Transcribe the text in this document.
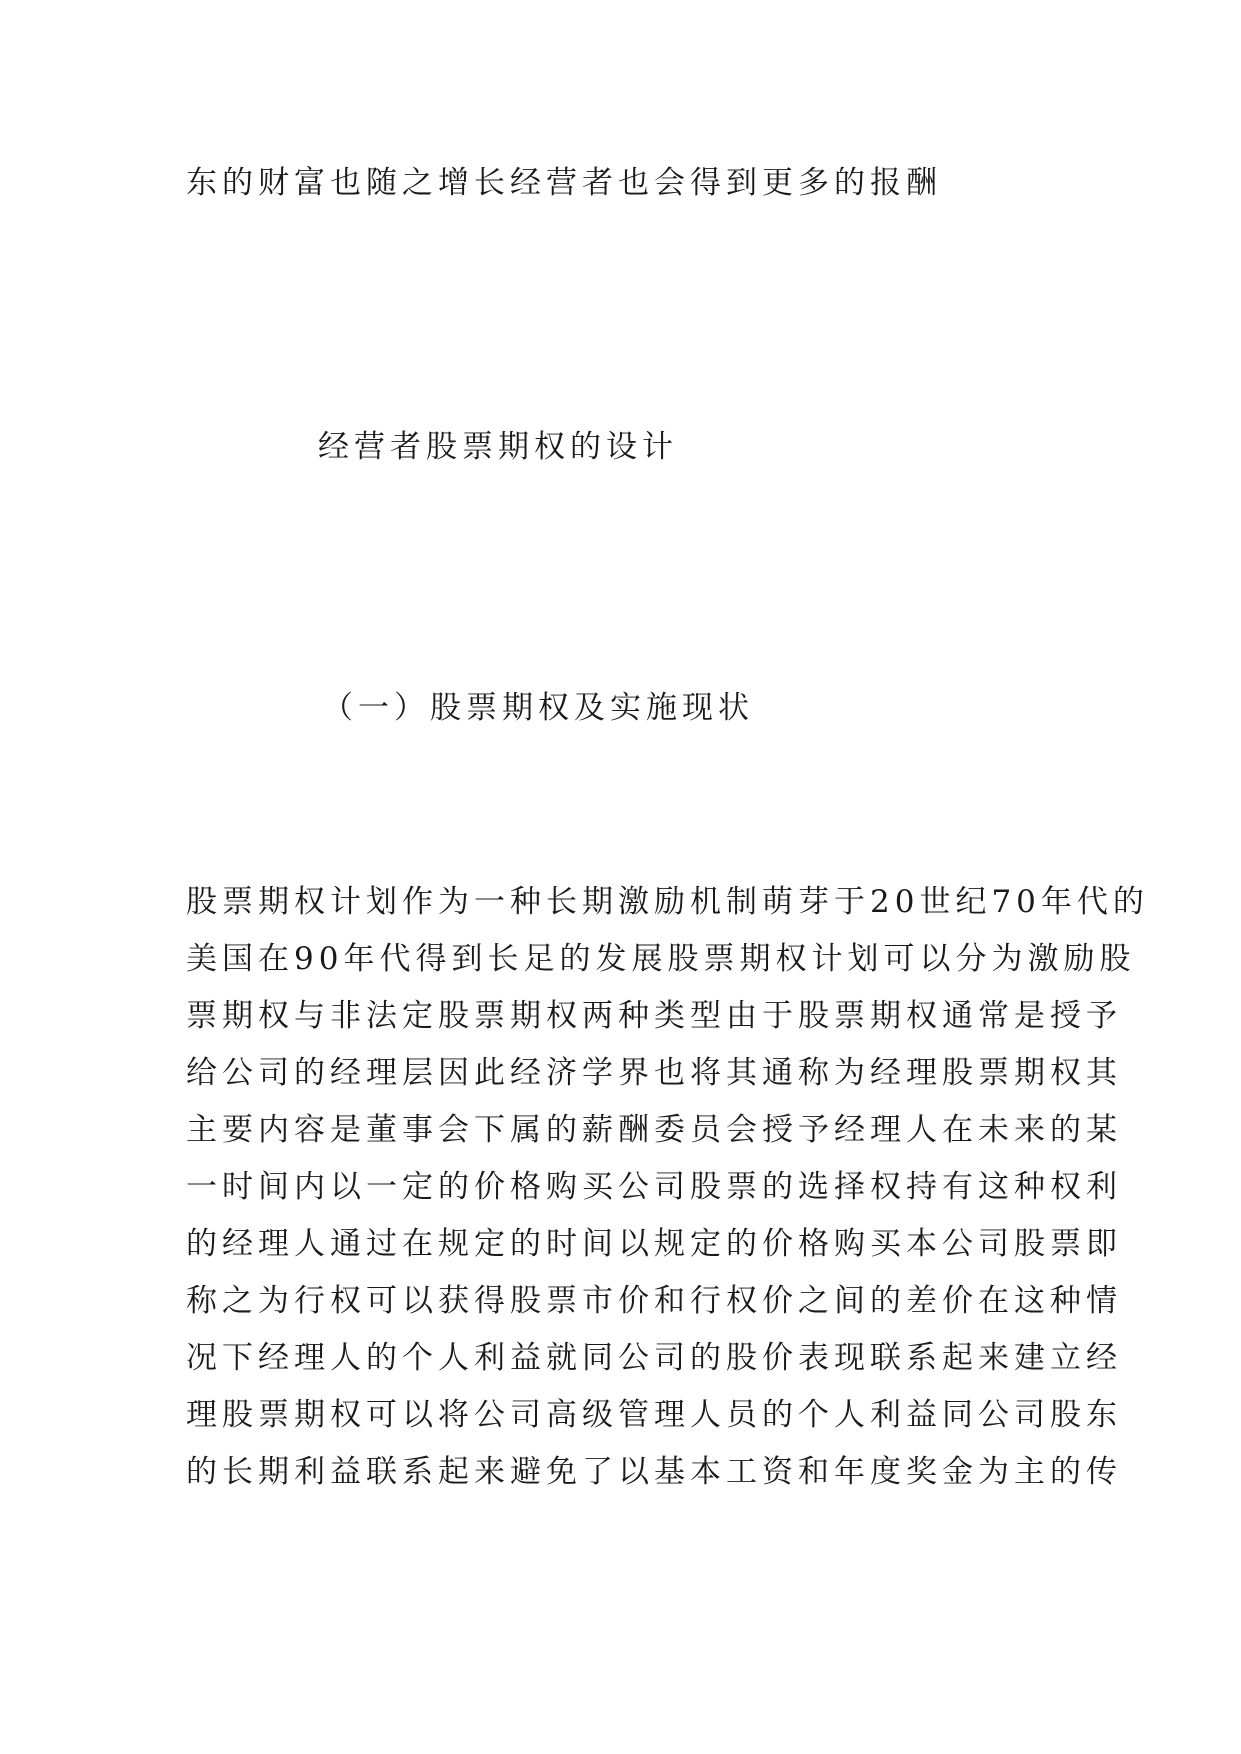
东的财富也随之增长经营者也会得到更多的报酬
经营者股票期权的设计
（一）股票期权及实施现状
股票期权计划作为一种长期激励机制萌芽于20世纪70年代的
美国在90年代得到长足的发展股票期权计划可以分为激励股
票期权与非法定股票期权两种类型由于股票期权通常是授予
给公司的经理层因此经济学界也将其通称为经理股票期权其
主要内容是董事会下属的薪酬委员会授予经理人在未来的某
一时间内以一定的价格购买公司股票的选择权持有这种权利
的经理人通过在规定的时间以规定的价格购买本公司股票即
称之为行权可以获得股票市价和行权价之间的差价在这种情
况下经理人的个人利益就同公司的股价表现联系起来建立经
理股票期权可以将公司高级管理人员的个人利益同公司股东
的长期利益联系起来避免了以基本工资和年度奖金为主的传
